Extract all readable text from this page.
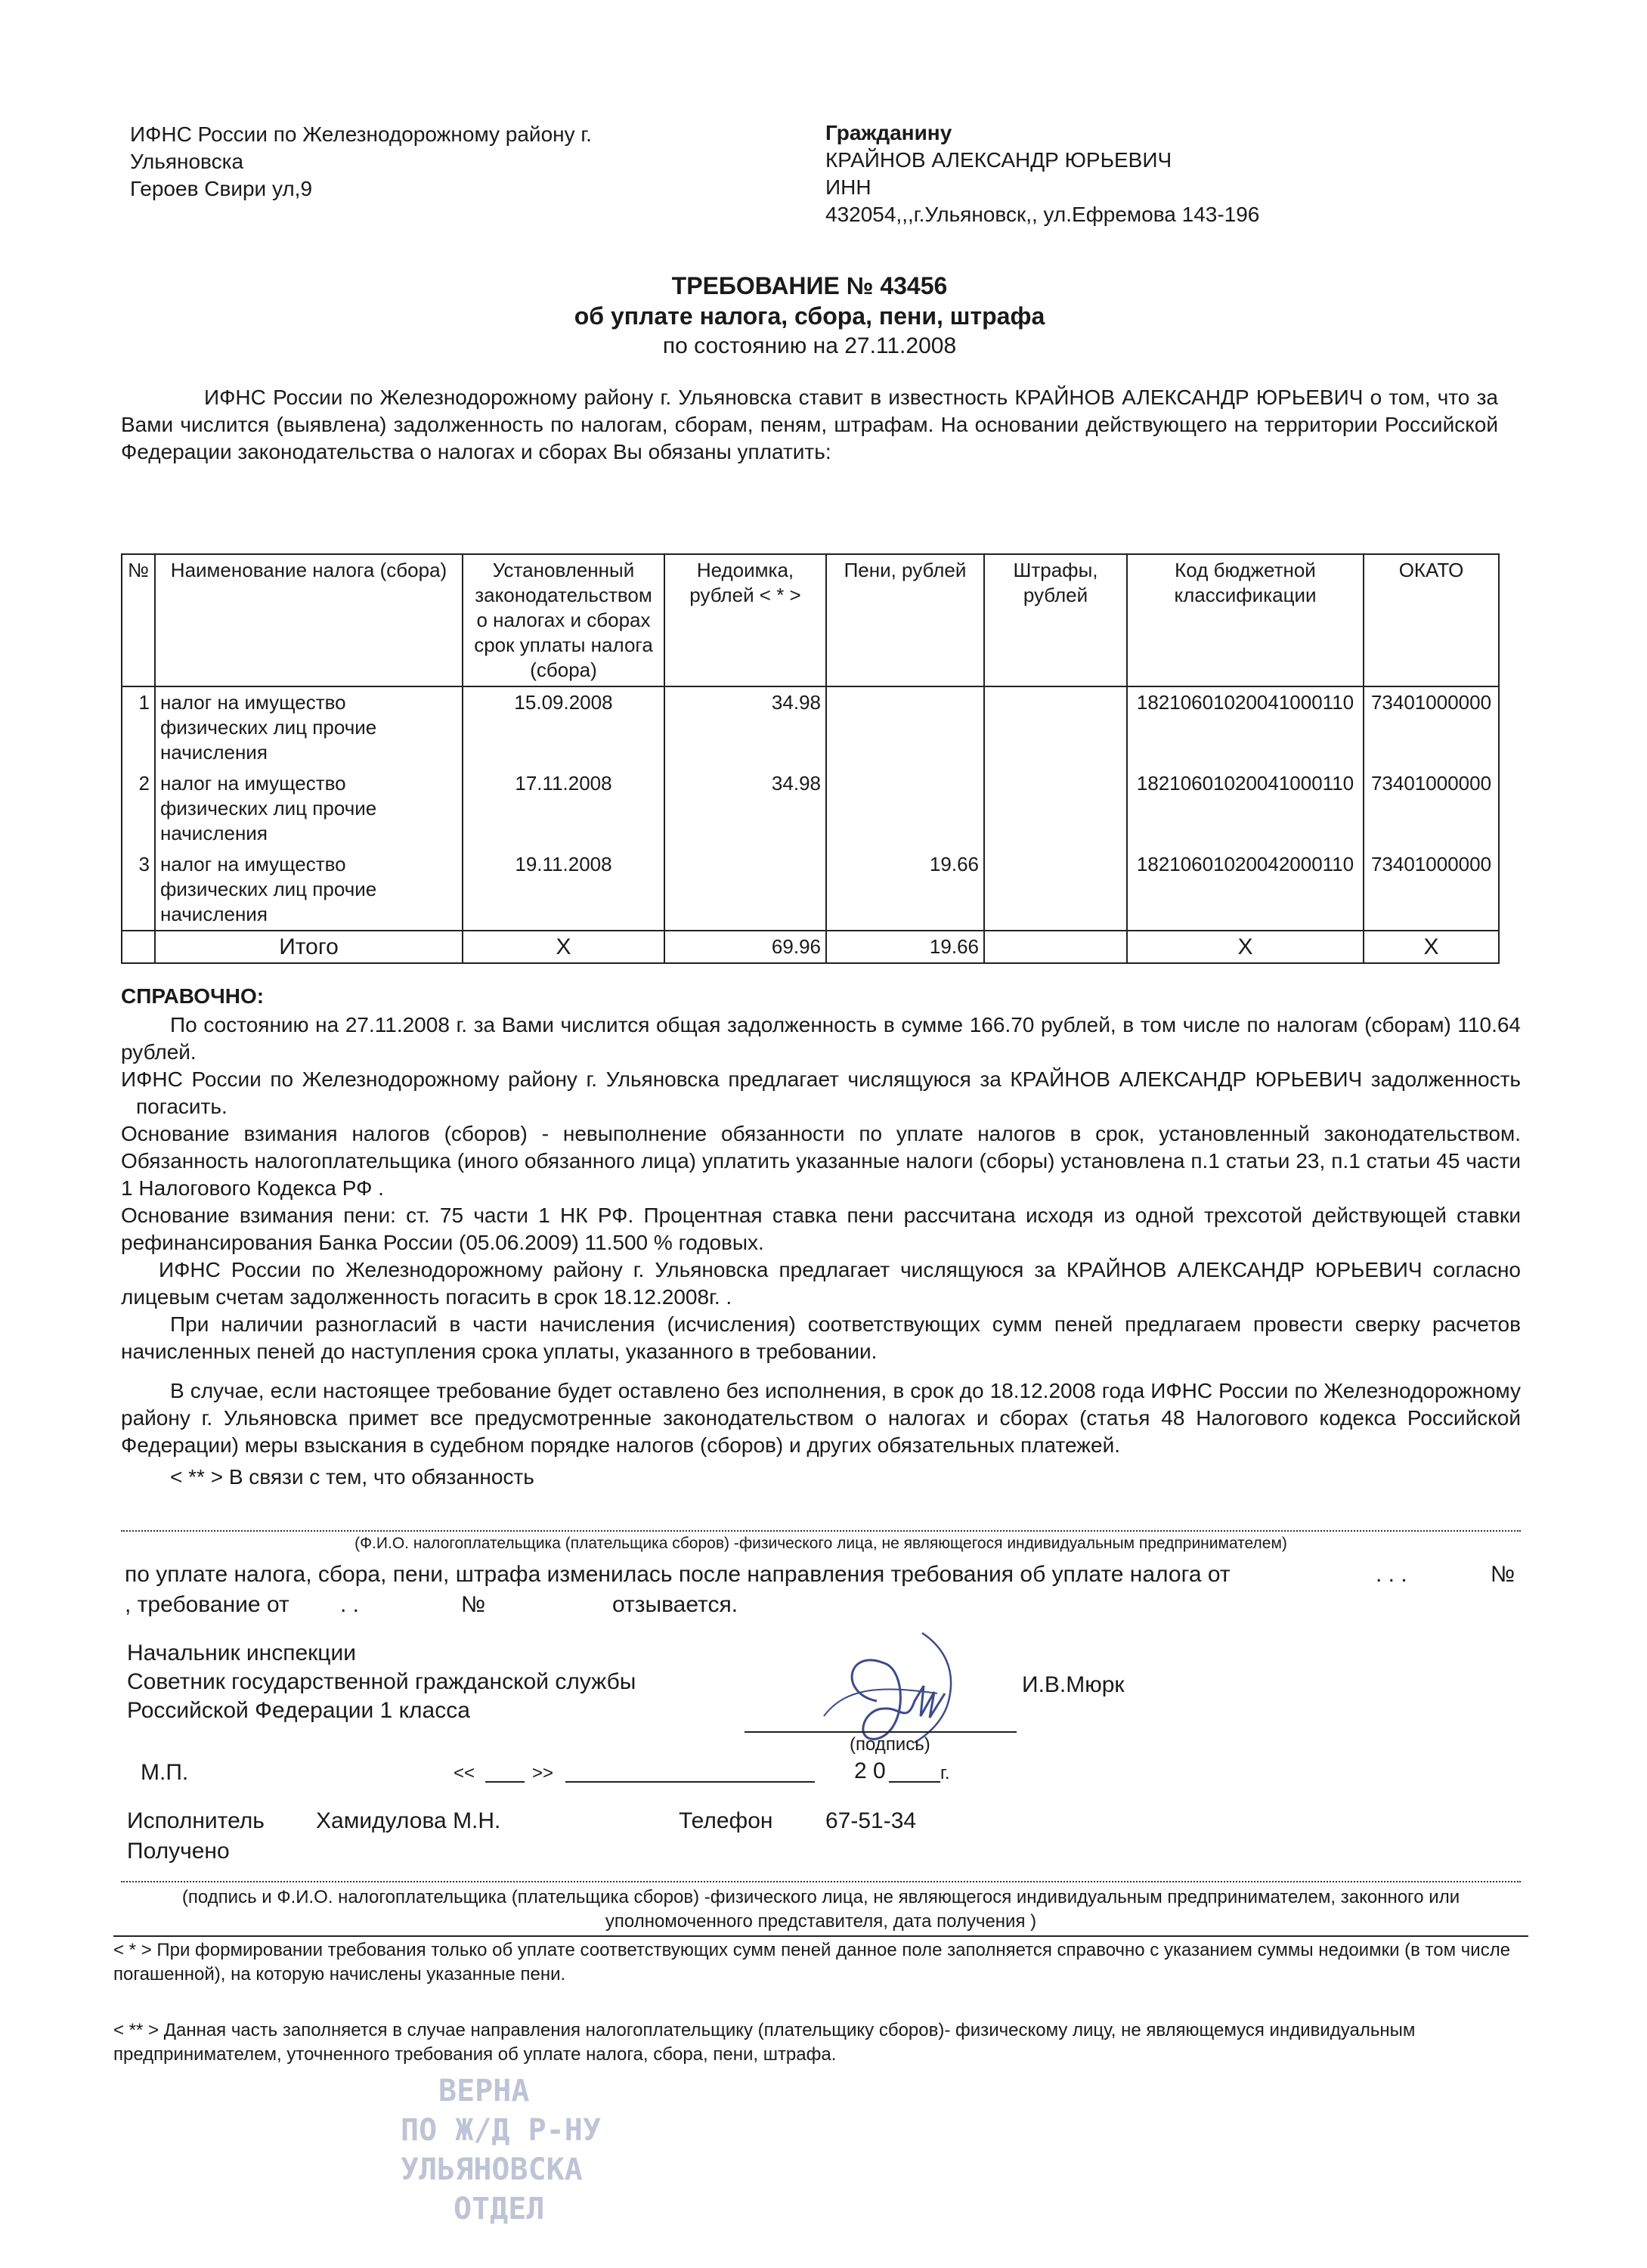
ИФНС России по Железнодорожному району г.
Ульяновска
Героев Свири ул,9
Гражданину
КРАЙНОВ АЛЕКСАНДР ЮРЬЕВИЧ
ИНН
432054,,,г.Ульяновск,, ул.Ефремова 143-196
ТРЕБОВАНИЕ № 43456
об уплате налога, сбора, пени, штрафа
по состоянию на 27.11.2008
ИФНС России по Железнодорожному району г. Ульяновска ставит в известность КРАЙНОВ АЛЕКСАНДР ЮРЬЕВИЧ о том, что за Вами числится (выявлена) задолженность по налогам, сборам, пеням, штрафам. На основании действующего на территории Российской Федерации законодательства о налогах и сборах Вы обязаны уплатить:
№	Наименование налога (сбора)	Установленный законодательством о налогах и сборах срок уплаты налога (сбора)	Недоимка, рублей < * >	Пени, рублей	Штрафы, рублей	Код бюджетной классификации	ОКАТО
1	налог на имущество физических лиц прочие начисления	15.09.2008	34.98			18210601020041000110	73401000000
2	налог на имущество физических лиц прочие начисления	17.11.2008	34.98			18210601020041000110	73401000000
3	налог на имущество физических лиц прочие начисления	19.11.2008		19.66		18210601020042000110	73401000000
	Итого	X	69.96	19.66		X	X
СПРАВОЧНО:
По состоянию на 27.11.2008 г. за Вами числится общая задолженность в сумме 166.70 рублей, в том числе по налогам (сборам) 110.64 рублей.
ИФНС России по Железнодорожному району г. Ульяновска предлагает числящуюся за КРАЙНОВ АЛЕКСАНДР ЮРЬЕВИЧ задолженность погасить.
Основание взимания налогов (сборов) - невыполнение обязанности по уплате налогов в срок, установленный законодательством. Обязанность налогоплательщика (иного обязанного лица) уплатить указанные налоги (сборы) установлена п.1 статьи 23, п.1 статьи 45 части 1 Налогового Кодекса РФ .
Основание взимания пени: ст. 75 части 1 НК РФ. Процентная ставка пени рассчитана исходя из одной трехсотой действующей ставки рефинансирования Банка России (05.06.2009) 11.500 % годовых.
ИФНС России по Железнодорожному району г. Ульяновска предлагает числящуюся за КРАЙНОВ АЛЕКСАНДР ЮРЬЕВИЧ согласно лицевым счетам задолженность погасить в срок 18.12.2008г. .
При наличии разногласий в части начисления (исчисления) соответствующих сумм пеней предлагаем провести сверку расчетов начисленных пеней до наступления срока уплаты, указанного в требовании.
В случае, если настоящее требование будет оставлено без исполнения, в срок до 18.12.2008 года ИФНС России по Железнодорожному району г. Ульяновска примет все предусмотренные законодательством о налогах и сборах (статья 48 Налогового кодекса Российской Федерации) меры взыскания в судебном порядке налогов (сборов) и других обязательных платежей.
< ** > В связи с тем, что обязанность
(Ф.И.О. налогоплательщика (плательщика сборов) -физического лица, не являющегося индивидуальным предпринимателем)
по уплате налога, сбора, пени, штрафа изменилась после направления требования об уплате налога от	. . .	№
, требование от . .	№	отзывается.
Начальник инспекции
Советник государственной гражданской службы
Российской Федерации 1 класса
И.В.Мюрк
(подпись)
М.П.	<<	>>	2 0	г.
Исполнитель Хамидулова М.Н.	Телефон 67-51-34
Получено
(подпись и Ф.И.О. налогоплательщика (плательщика сборов) -физического лица, не являющегося индивидуальным предпринимателем, законного или уполномоченного представителя, дата получения )
< * > При формировании требования только об уплате соответствующих сумм пеней данное поле заполняется справочно с указанием суммы недоимки (в том числе погашенной), на которую начислены указанные пени.
< ** > Данная часть заполняется в случае направления налогоплательщику (плательщику сборов)- физическому лицу, не являющемуся индивидуальным предпринимателем, уточненного требования об уплате налога, сбора, пени, штрафа.
ВЕРНА
ПО Ж/Д Р-НУ
УЛЬЯНОВСКА
ОТДЕЛ
